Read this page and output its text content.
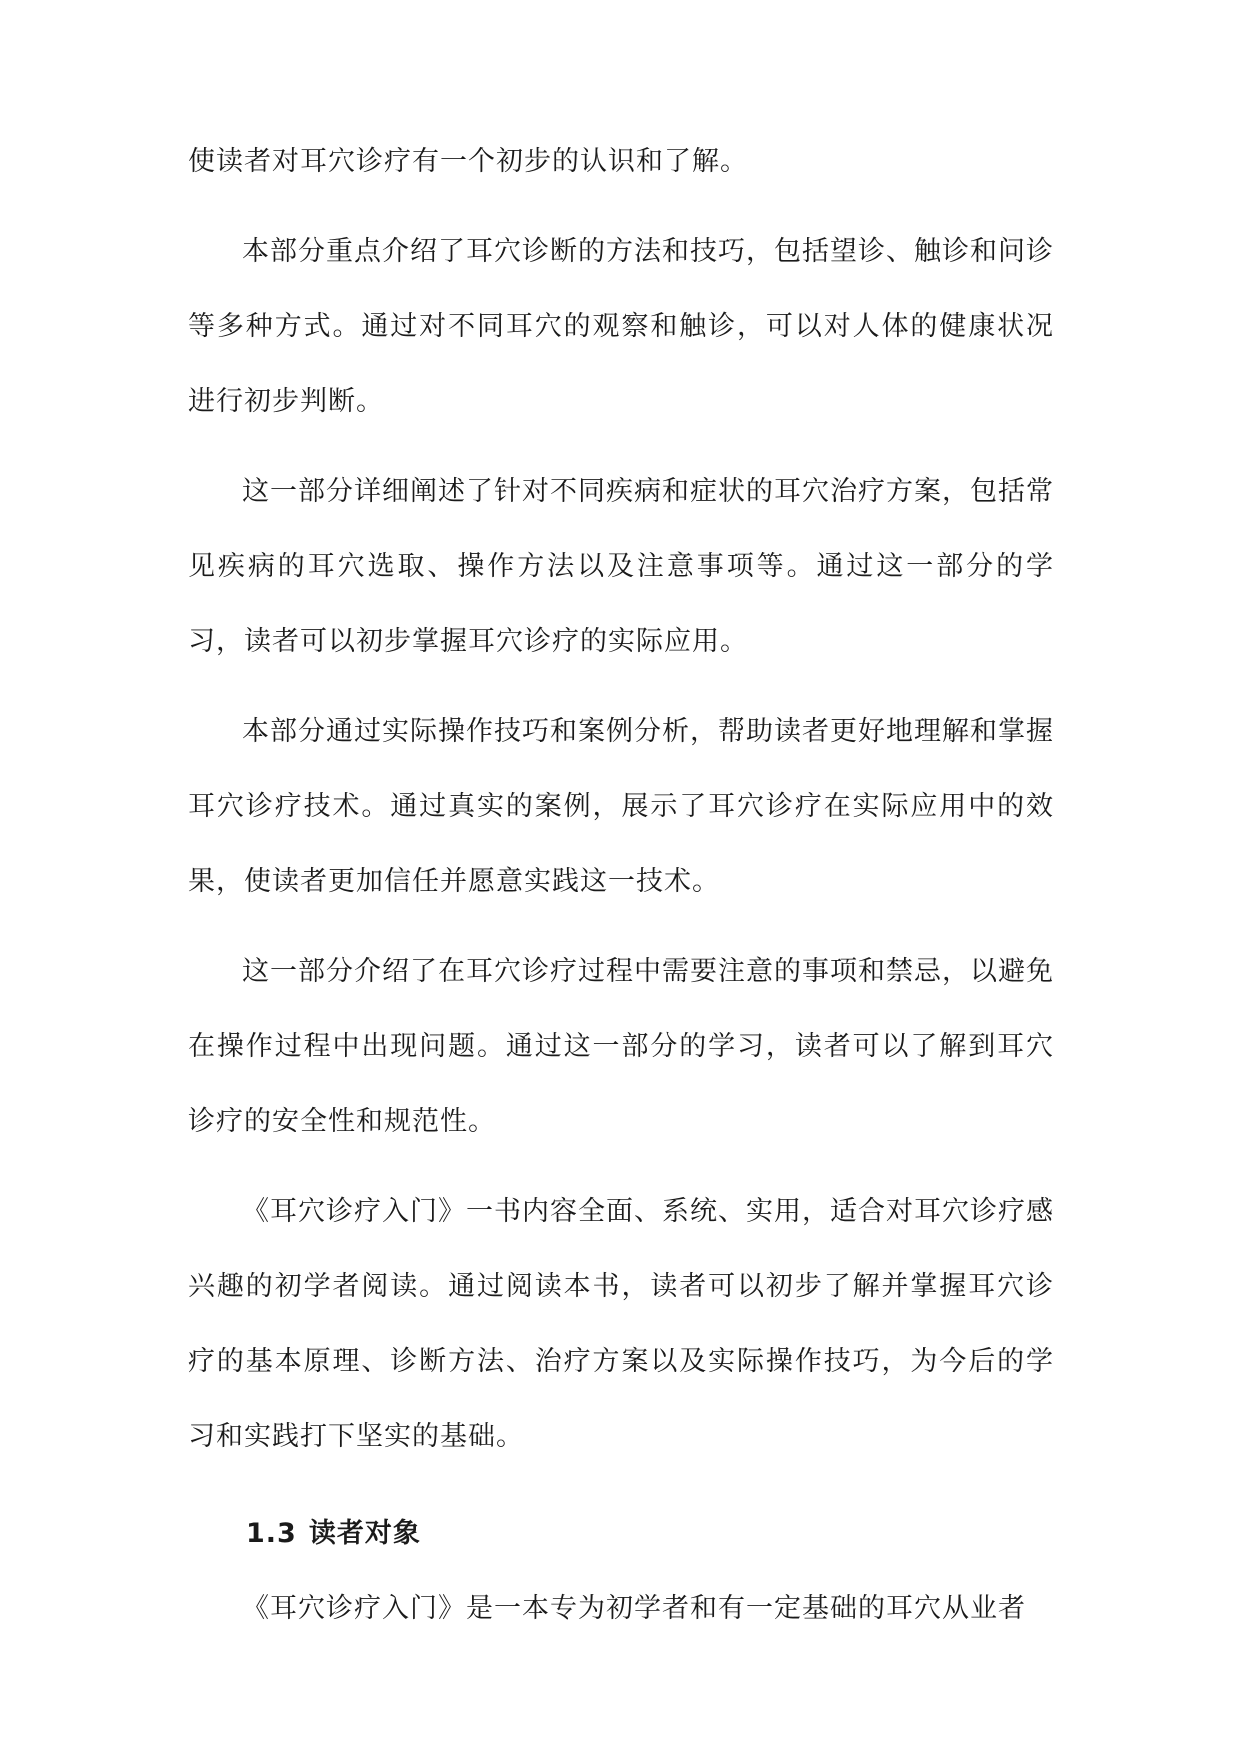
使读者对耳穴诊疗有一个初步的认识和了解。

本部分重点介绍了耳穴诊断的方法和技巧，包括望诊、触诊和问诊等多种方式。通过对不同耳穴的观察和触诊，可以对人体的健康状况进行初步判断。

这一部分详细阐述了针对不同疾病和症状的耳穴治疗方案，包括常见疾病的耳穴选取、操作方法以及注意事项等。通过这一部分的学习，读者可以初步掌握耳穴诊疗的实际应用。

本部分通过实际操作技巧和案例分析，帮助读者更好地理解和掌握耳穴诊疗技术。通过真实的案例，展示了耳穴诊疗在实际应用中的效果，使读者更加信任并愿意实践这一技术。

这一部分介绍了在耳穴诊疗过程中需要注意的事项和禁忌，以避免在操作过程中出现问题。通过这一部分的学习，读者可以了解到耳穴诊疗的安全性和规范性。

《耳穴诊疗入门》一书内容全面、系统、实用，适合对耳穴诊疗感兴趣的初学者阅读。通过阅读本书，读者可以初步了解并掌握耳穴诊疗的基本原理、诊断方法、治疗方案以及实际操作技巧，为今后的学习和实践打下坚实的基础。

1.3 读者对象

《耳穴诊疗入门》是一本专为初学者和有一定基础的耳穴从业者
